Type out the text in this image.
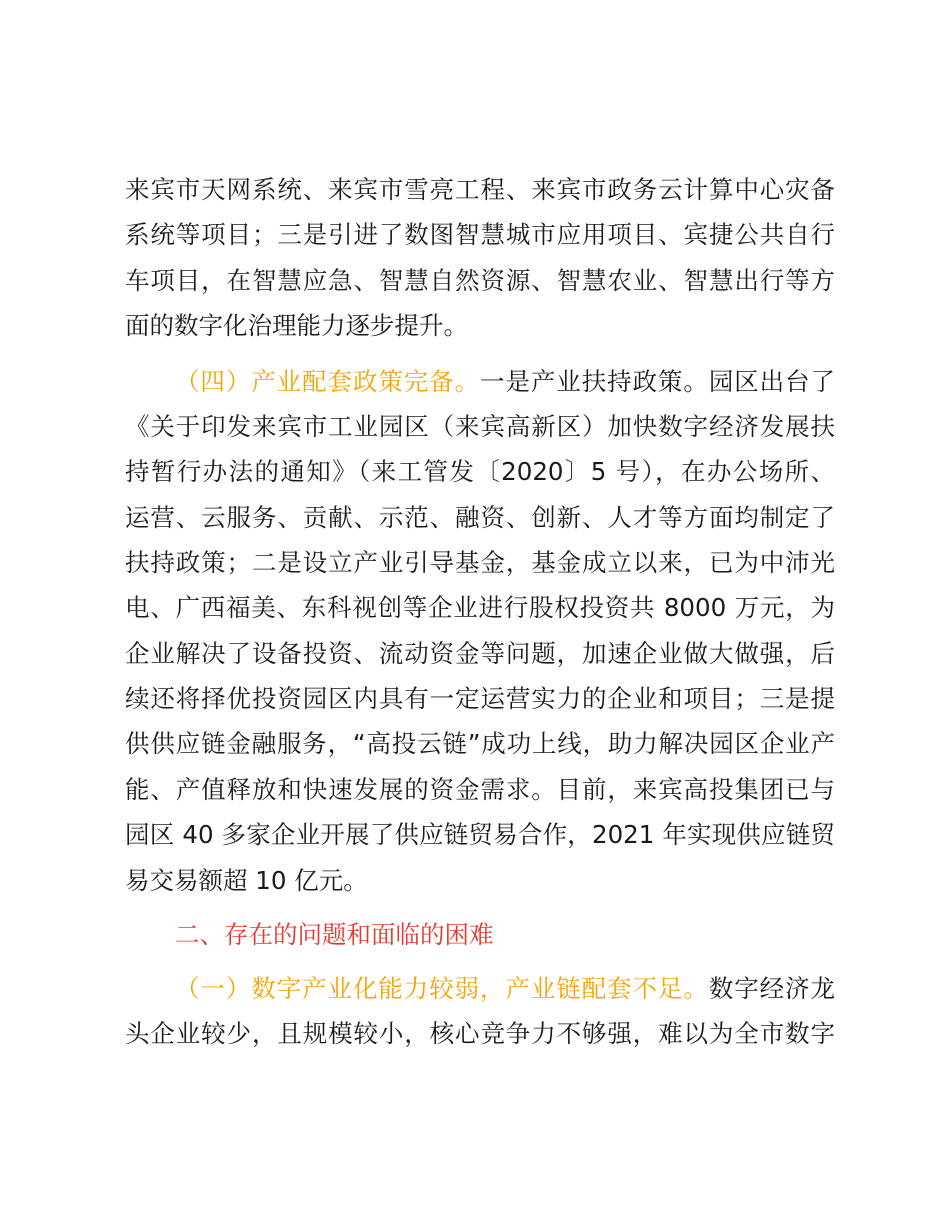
来宾市天网系统、来宾市雪亮工程、来宾市政务云计算中心灾备
系统等项目；三是引进了数图智慧城市应用项目、宾捷公共自行
车项目，在智慧应急、智慧自然资源、智慧农业、智慧出行等方
面的数字化治理能力逐步提升。
（四）产业配套政策完备。一是产业扶持政策。园区出台了
《关于印发来宾市工业园区（来宾高新区）加快数字经济发展扶
持暂行办法的通知》（来工管发〔2020〕5 号），在办公场所、
运营、云服务、贡献、示范、融资、创新、人才等方面均制定了
扶持政策；二是设立产业引导基金，基金成立以来，已为中沛光
电、广西福美、东科视创等企业进行股权投资共 8000 万元，为
企业解决了设备投资、流动资金等问题，加速企业做大做强，后
续还将择优投资园区内具有一定运营实力的企业和项目；三是提
供供应链金融服务，“高投云链”成功上线，助力解决园区企业产
能、产值释放和快速发展的资金需求。目前，来宾高投集团已与
园区 40 多家企业开展了供应链贸易合作，2021 年实现供应链贸
易交易额超 10 亿元。
二、存在的问题和面临的困难
（一）数字产业化能力较弱，产业链配套不足。数字经济龙
头企业较少，且规模较小，核心竞争力不够强，难以为全市数字
